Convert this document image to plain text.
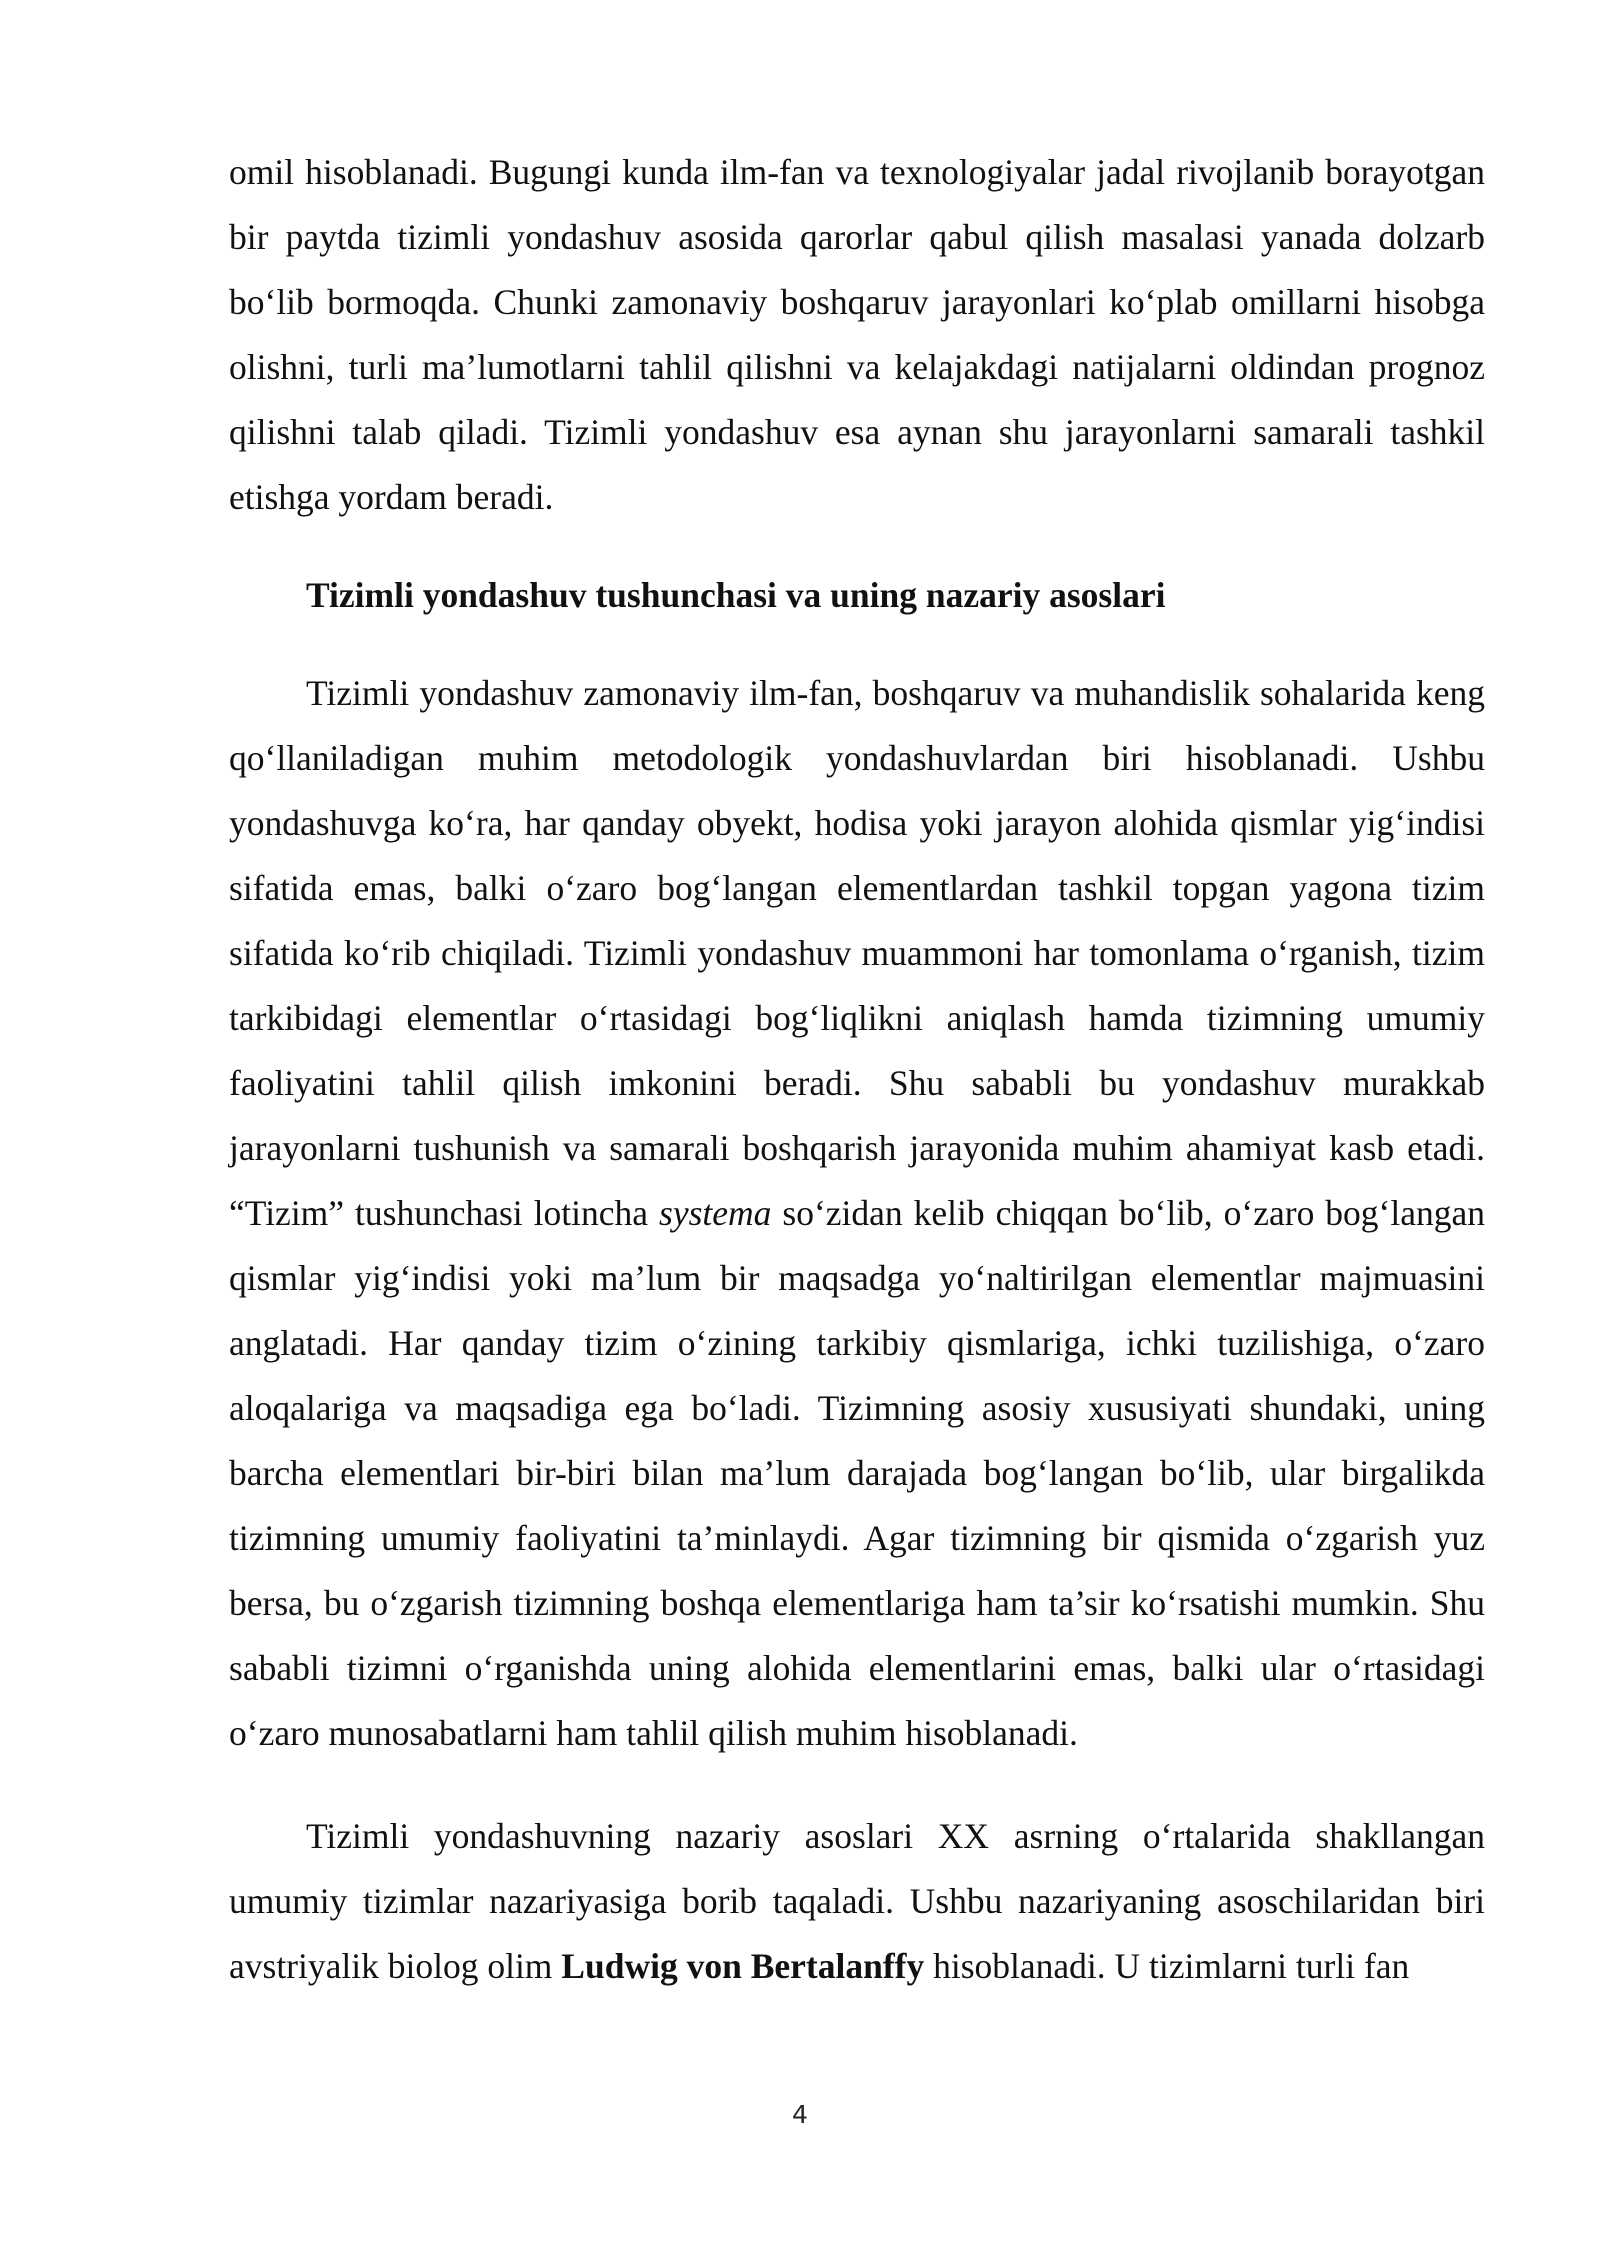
omil hisoblanadi. Bugungi kunda ilm-fan va texnologiyalar jadal rivojlanib borayotgan bir paytda tizimli yondashuv asosida qarorlar qabul qilish masalasi yanada dolzarb bo‘lib bormoqda. Chunki zamonaviy boshqaruv jarayonlari ko‘plab omillarni hisobga olishni, turli ma’lumotlarni tahlil qilishni va kelajakdagi natijalarni oldindan prognoz qilishni talab qiladi. Tizimli yondashuv esa aynan shu jarayonlarni samarali tashkil etishga yordam beradi.

Tizimli yondashuv tushunchasi va uning nazariy asoslari

Tizimli yondashuv zamonaviy ilm-fan, boshqaruv va muhandislik sohalarida keng qo‘llaniladigan muhim metodologik yondashuvlardan biri hisoblanadi. Ushbu yondashuvga ko‘ra, har qanday obyekt, hodisa yoki jarayon alohida qismlar yig‘indisi sifatida emas, balki o‘zaro bog‘langan elementlardan tashkil topgan yagona tizim sifatida ko‘rib chiqiladi. Tizimli yondashuv muammoni har tomonlama o‘rganish, tizim tarkibidagi elementlar o‘rtasidagi bog‘liqlikni aniqlash hamda tizimning umumiy faoliyatini tahlil qilish imkonini beradi. Shu sababli bu yondashuv murakkab jarayonlarni tushunish va samarali boshqarish jarayonida muhim ahamiyat kasb etadi. “Tizim” tushunchasi lotincha systema so‘zidan kelib chiqqan bo‘lib, o‘zaro bog‘langan qismlar yig‘indisi yoki ma’lum bir maqsadga yo‘naltirilgan elementlar majmuasini anglatadi. Har qanday tizim o‘zining tarkibiy qismlariga, ichki tuzilishiga, o‘zaro aloqalariga va maqsadiga ega bo‘ladi. Tizimning asosiy xususiyati shundaki, uning barcha elementlari bir-biri bilan ma’lum darajada bog‘langan bo‘lib, ular birgalikda tizimning umumiy faoliyatini ta’minlaydi. Agar tizimning bir qismida o‘zgarish yuz bersa, bu o‘zgarish tizimning boshqa elementlariga ham ta’sir ko‘rsatishi mumkin. Shu sababli tizimni o‘rganishda uning alohida elementlarini emas, balki ular o‘rtasidagi o‘zaro munosabatlarni ham tahlil qilish muhim hisoblanadi.

Tizimli yondashuvning nazariy asoslari XX asrning o‘rtalarida shakllangan umumiy tizimlar nazariyasiga borib taqaladi. Ushbu nazariyaning asoschilaridan biri avstriyalik biolog olim Ludwig von Bertalanffy hisoblanadi. U tizimlarni turli fan

4
